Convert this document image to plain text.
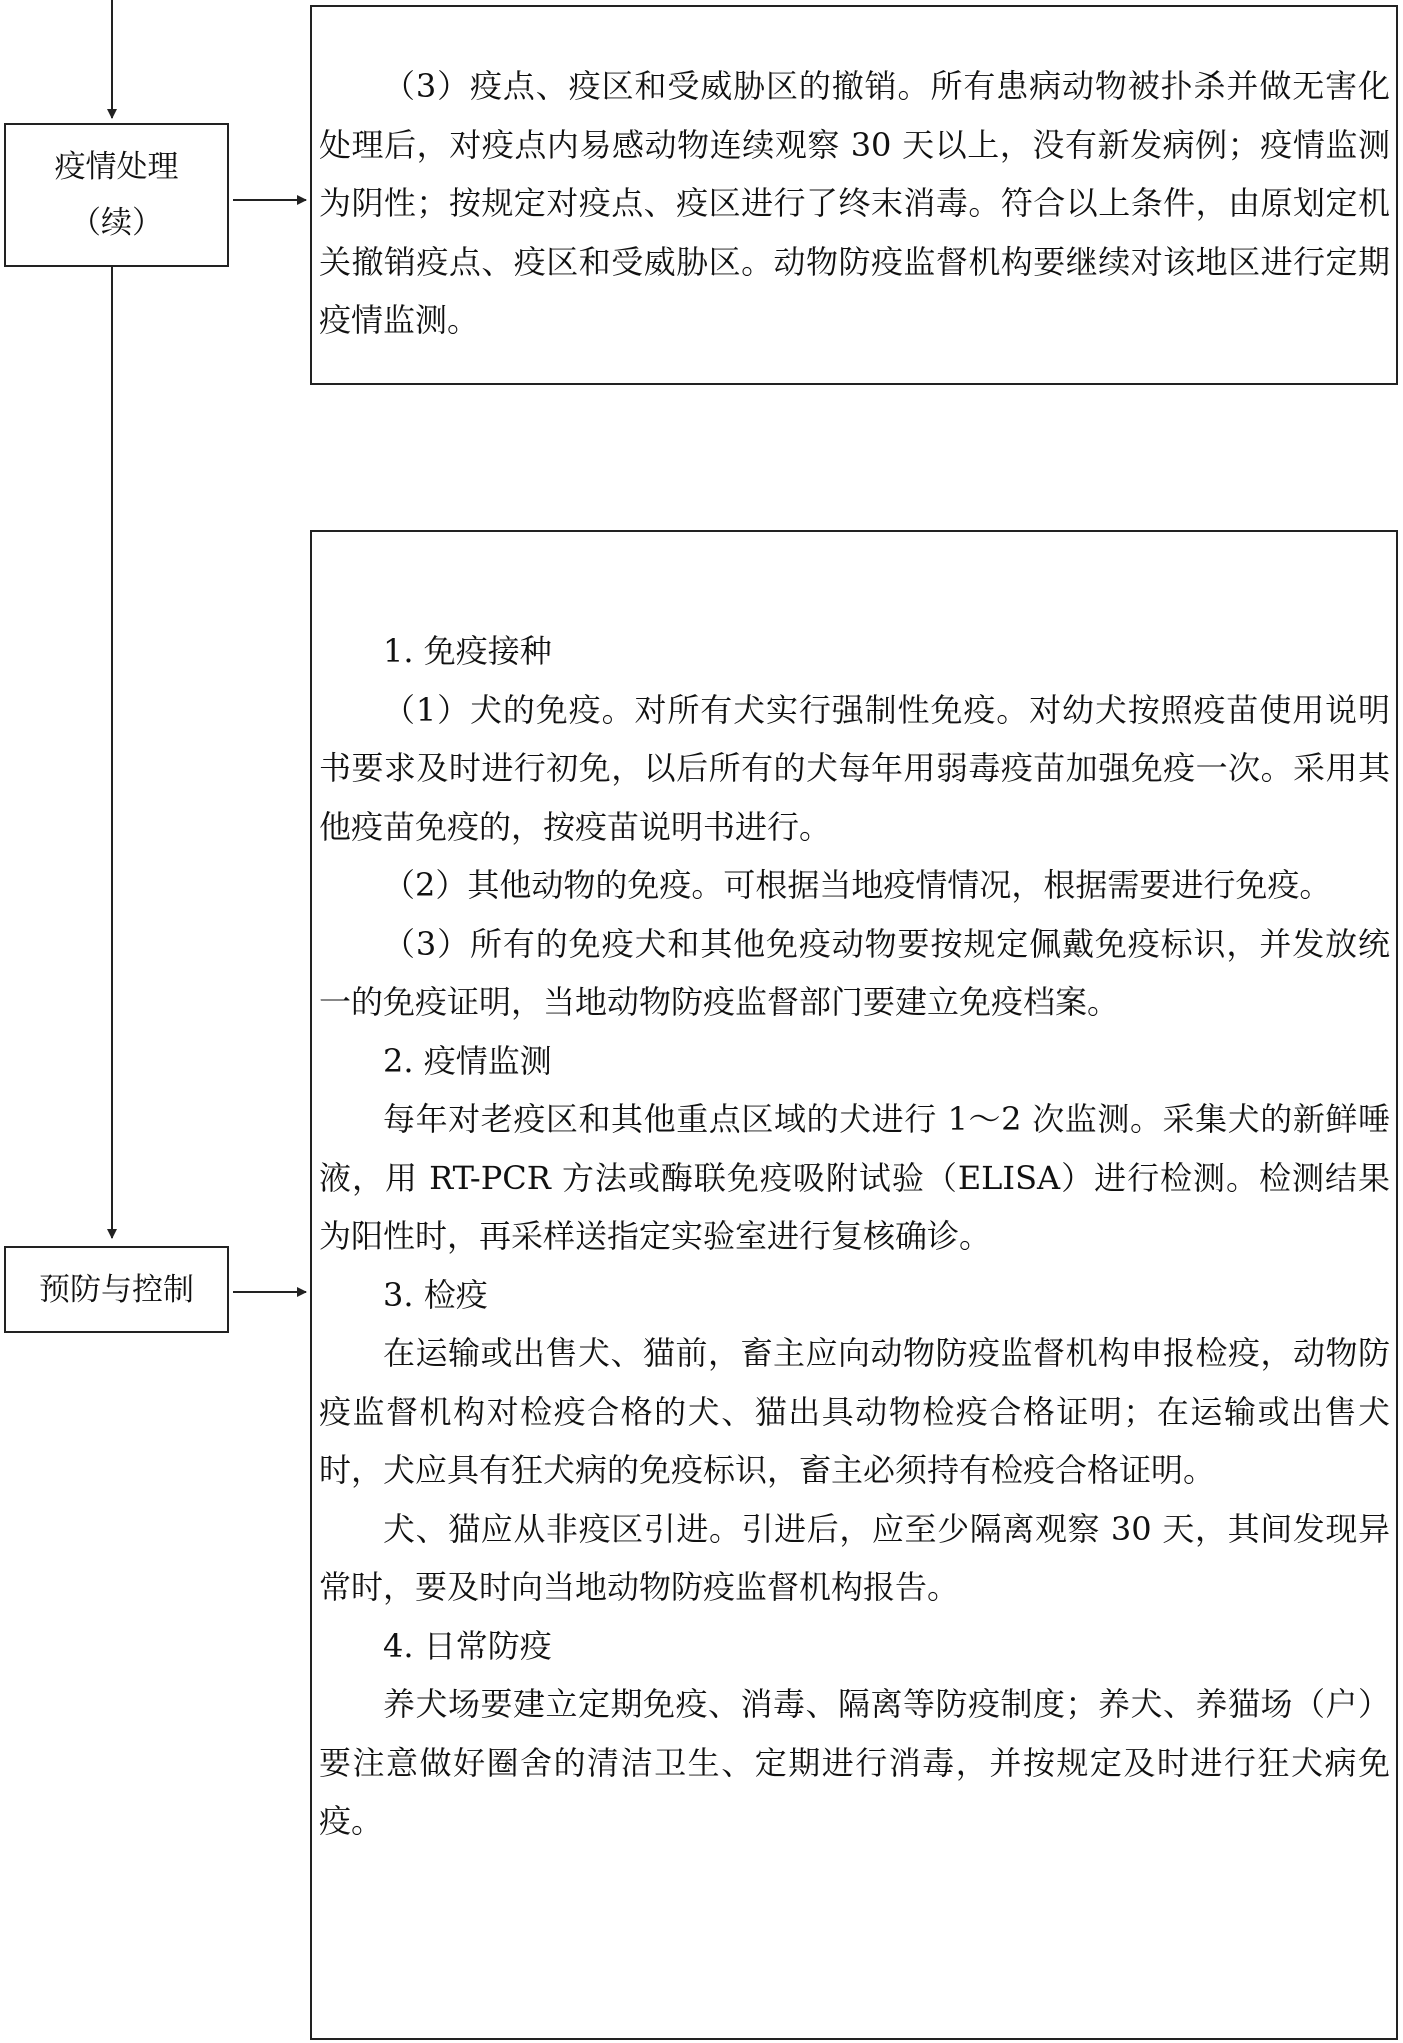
疫情处理
（续）
预防与控制

（3）疫点、疫区和受威胁区的撤销。所有患病动物被扑杀并做无害化处理后，对疫点内易感动物连续观察 30 天以上，没有新发病例；疫情监测为阴性；按规定对疫点、疫区进行了终末消毒。符合以上条件，由原划定机关撤销疫点、疫区和受威胁区。动物防疫监督机构要继续对该地区进行定期疫情监测。

1. 免疫接种

（1）犬的免疫。对所有犬实行强制性免疫。对幼犬按照疫苗使用说明书要求及时进行初免，以后所有的犬每年用弱毒疫苗加强免疫一次。采用其他疫苗免疫的，按疫苗说明书进行。

（2）其他动物的免疫。可根据当地疫情情况，根据需要进行免疫。

（3）所有的免疫犬和其他免疫动物要按规定佩戴免疫标识，并发放统一的免疫证明，当地动物防疫监督部门要建立免疫档案。

2. 疫情监测

每年对老疫区和其他重点区域的犬进行 1～2 次监测。采集犬的新鲜唾液，用 RT-PCR 方法或酶联免疫吸附试验（ELISA）进行检测。检测结果为阳性时，再采样送指定实验室进行复核确诊。

3. 检疫

在运输或出售犬、猫前，畜主应向动物防疫监督机构申报检疫，动物防疫监督机构对检疫合格的犬、猫出具动物检疫合格证明；在运输或出售犬时，犬应具有狂犬病的免疫标识，畜主必须持有检疫合格证明。

犬、猫应从非疫区引进。引进后，应至少隔离观察 30 天，其间发现异常时，要及时向当地动物防疫监督机构报告。

4. 日常防疫

养犬场要建立定期免疫、消毒、隔离等防疫制度；养犬、养猫场（户）要注意做好圈舍的清洁卫生、定期进行消毒，并按规定及时进行狂犬病免疫。
